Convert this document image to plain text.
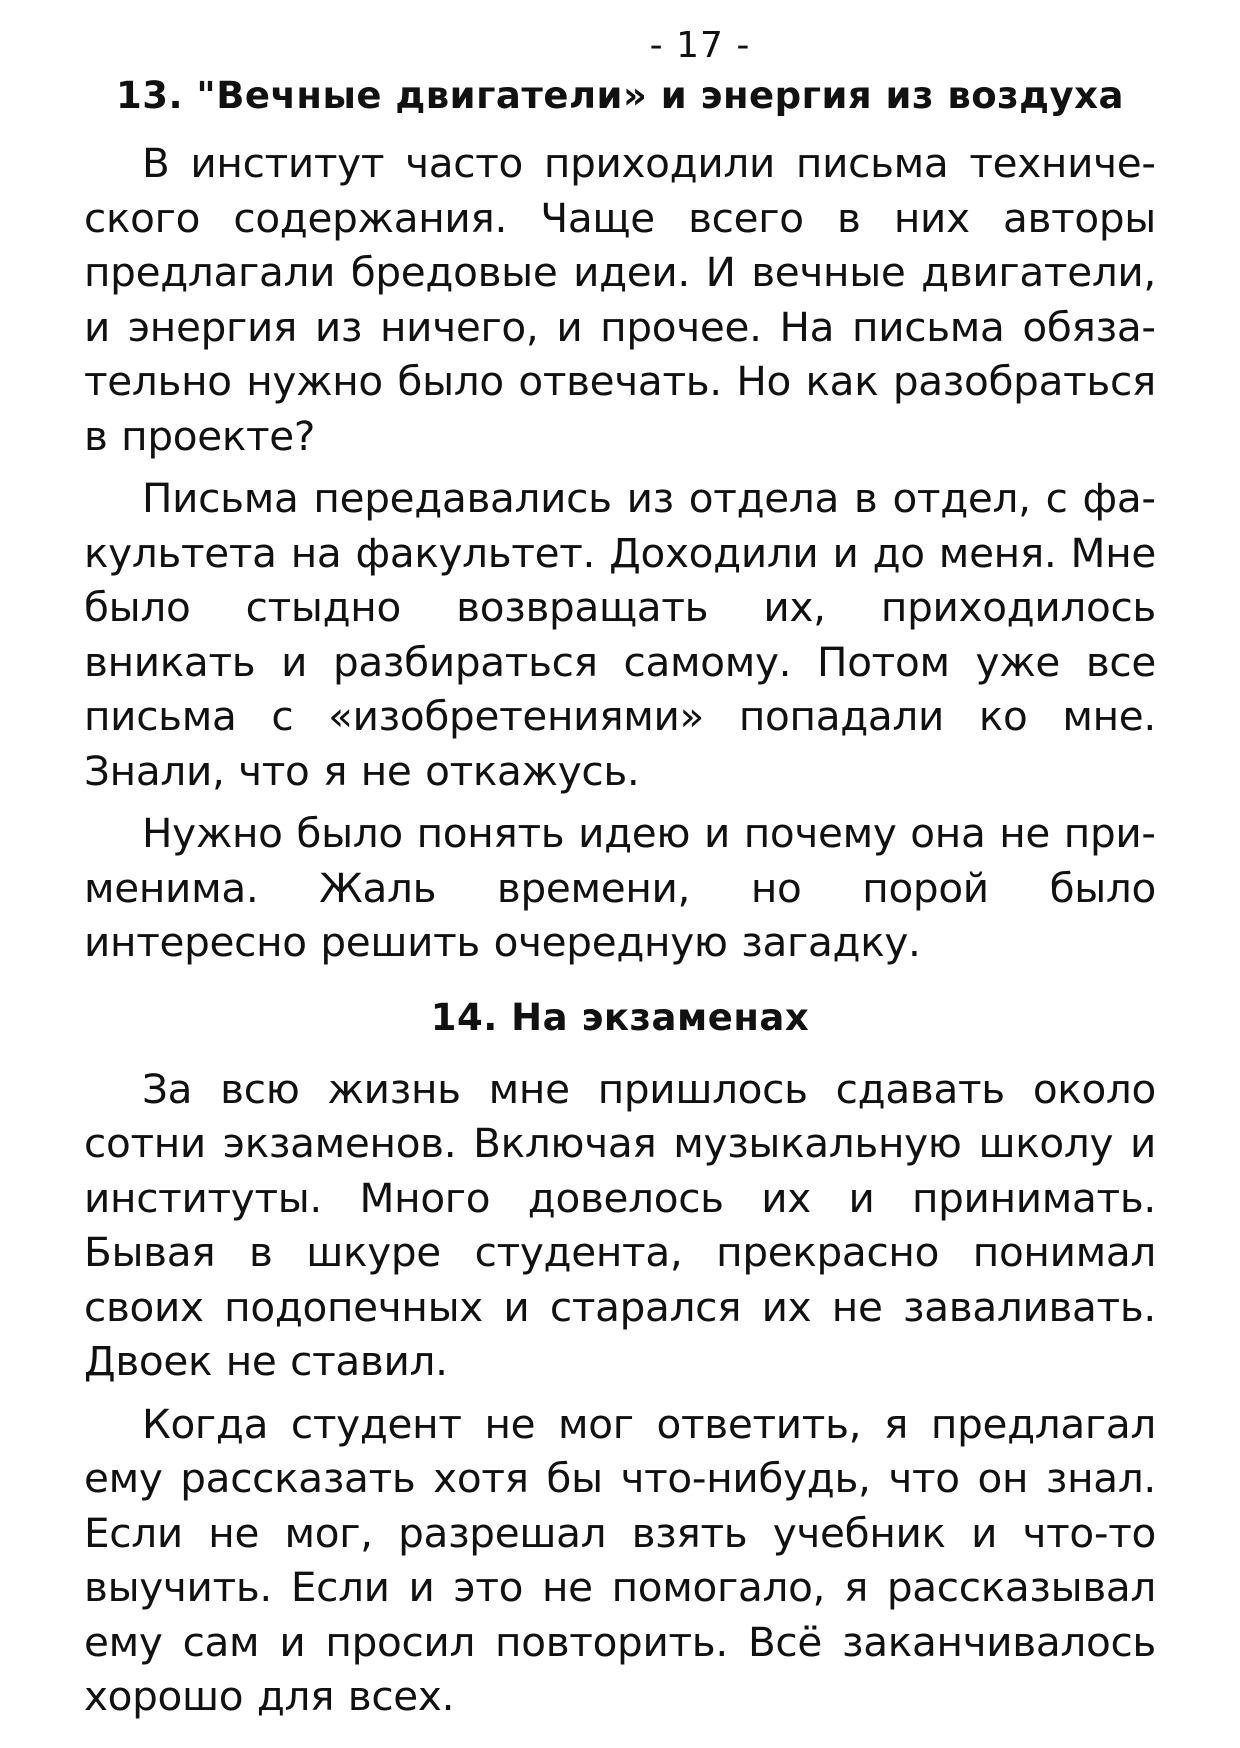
- 17 -
13. "Вечные двигатели» и энергия из воздуха

В институт часто приходили письма технического содержания. Чаще всего в них авторы предлагали бредовые идеи. И вечные двигатели, и энергия из ничего, и прочее. На письма обязательно нужно было отвечать. Но как разобраться в проекте?

Письма передавались из отдела в отдел, с факультета на факультет. Доходили и до меня. Мне было стыдно возвращать их, приходилось вникать и разбираться самому. Потом уже все письма с «изобретениями» попадали ко мне. Знали, что я не откажусь.

Нужно было понять идею и почему она не применима. Жаль времени, но порой было интересно решить очередную загадку.

14. На экзаменах

За всю жизнь мне пришлось сдавать около сотни экзаменов. Включая музыкальную школу и институты. Много довелось их и принимать. Бывая в шкуре студента, прекрасно понимал своих подопечных и старался их не заваливать. Двоек не ставил.

Когда студент не мог ответить, я предлагал ему рассказать хотя бы что-нибудь, что он знал. Если не мог, разрешал взять учебник и что-то выучить. Если и это не помогало, я рассказывал ему сам и просил повторить. Всё заканчивалось хорошо для всех.
